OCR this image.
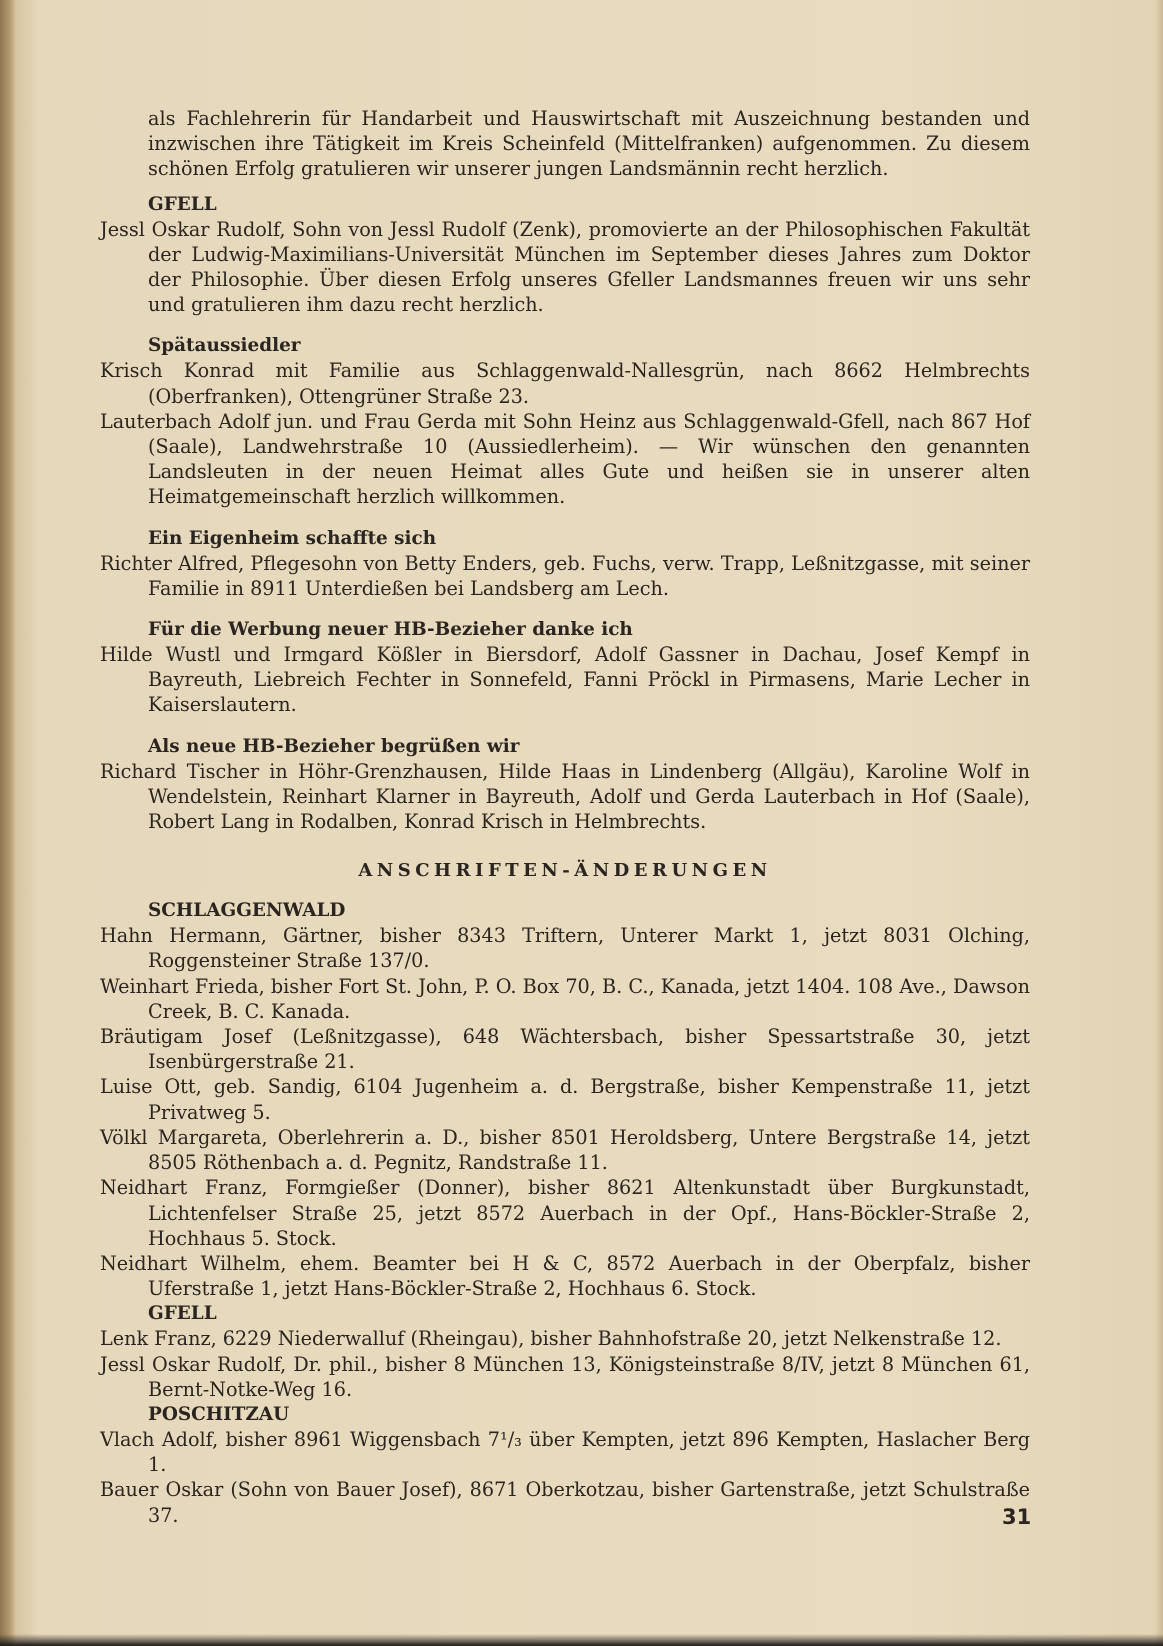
als Fachlehrerin für Handarbeit und Hauswirtschaft mit Auszeichnung bestanden und inzwischen ihre Tätigkeit im Kreis Scheinfeld (Mittelfranken) aufgenommen. Zu diesem schönen Erfolg gratulieren wir unserer jungen Landsmännin recht herzlich.

GFELL

Jessl Oskar Rudolf, Sohn von Jessl Rudolf (Zenk), promovierte an der Philosophischen Fakultät der Ludwig-Maximilians-Universität München im September dieses Jahres zum Doktor der Philosophie. Über diesen Erfolg unseres Gfeller Landsmannes freuen wir uns sehr und gratulieren ihm dazu recht herzlich.

Spätaussiedler

Krisch Konrad mit Familie aus Schlaggenwald-Nallesgrün, nach 8662 Helmbrechts (Oberfranken), Ottengrüner Straße 23.

Lauterbach Adolf jun. und Frau Gerda mit Sohn Heinz aus Schlaggenwald-Gfell, nach 867 Hof (Saale), Landwehrstraße 10 (Aussiedlerheim). — Wir wünschen den genannten Landsleuten in der neuen Heimat alles Gute und heißen sie in unserer alten Heimatgemeinschaft herzlich willkommen.

Ein Eigenheim schaffte sich

Richter Alfred, Pflegesohn von Betty Enders, geb. Fuchs, verw. Trapp, Leßnitzgasse, mit seiner Familie in 8911 Unterdießen bei Landsberg am Lech.

Für die Werbung neuer HB-Bezieher danke ich

Hilde Wustl und Irmgard Kößler in Biersdorf, Adolf Gassner in Dachau, Josef Kempf in Bayreuth, Liebreich Fechter in Sonnefeld, Fanni Pröckl in Pirmasens, Marie Lecher in Kaiserslautern.

Als neue HB-Bezieher begrüßen wir

Richard Tischer in Höhr-Grenzhausen, Hilde Haas in Lindenberg (Allgäu), Karoline Wolf in Wendelstein, Reinhart Klarner in Bayreuth, Adolf und Gerda Lauterbach in Hof (Saale), Robert Lang in Rodalben, Konrad Krisch in Helmbrechts.

ANSCHRIFTEN-ÄNDERUNGEN

SCHLAGGENWALD

Hahn Hermann, Gärtner, bisher 8343 Triftern, Unterer Markt 1, jetzt 8031 Olching, Roggensteiner Straße 137/0.

Weinhart Frieda, bisher Fort St. John, P. O. Box 70, B. C., Kanada, jetzt 1404. 108 Ave., Dawson Creek, B. C. Kanada.

Bräutigam Josef (Leßnitzgasse), 648 Wächtersbach, bisher Spessartstraße 30, jetzt Isenbürgerstraße 21.

Luise Ott, geb. Sandig, 6104 Jugenheim a. d. Bergstraße, bisher Kempenstraße 11, jetzt Privatweg 5.

Völkl Margareta, Oberlehrerin a. D., bisher 8501 Heroldsberg, Untere Bergstraße 14, jetzt 8505 Röthenbach a. d. Pegnitz, Randstraße 11.

Neidhart Franz, Formgießer (Donner), bisher 8621 Altenkunstadt über Burgkunstadt, Lichtenfelser Straße 25, jetzt 8572 Auerbach in der Opf., Hans-Böckler-Straße 2, Hochhaus 5. Stock.

Neidhart Wilhelm, ehem. Beamter bei H & C, 8572 Auerbach in der Oberpfalz, bisher Uferstraße 1, jetzt Hans-Böckler-Straße 2, Hochhaus 6. Stock.

GFELL

Lenk Franz, 6229 Niederwalluf (Rheingau), bisher Bahnhofstraße 20, jetzt Nelkenstraße 12.

Jessl Oskar Rudolf, Dr. phil., bisher 8 München 13, Königsteinstraße 8/IV, jetzt 8 München 61, Bernt-Notke-Weg 16.

POSCHITZAU

Vlach Adolf, bisher 8961 Wiggensbach 7¹/₃ über Kempten, jetzt 896 Kempten, Haslacher Berg 1.

Bauer Oskar (Sohn von Bauer Josef), 8671 Oberkotzau, bisher Gartenstraße, jetzt Schulstraße 37.	31
